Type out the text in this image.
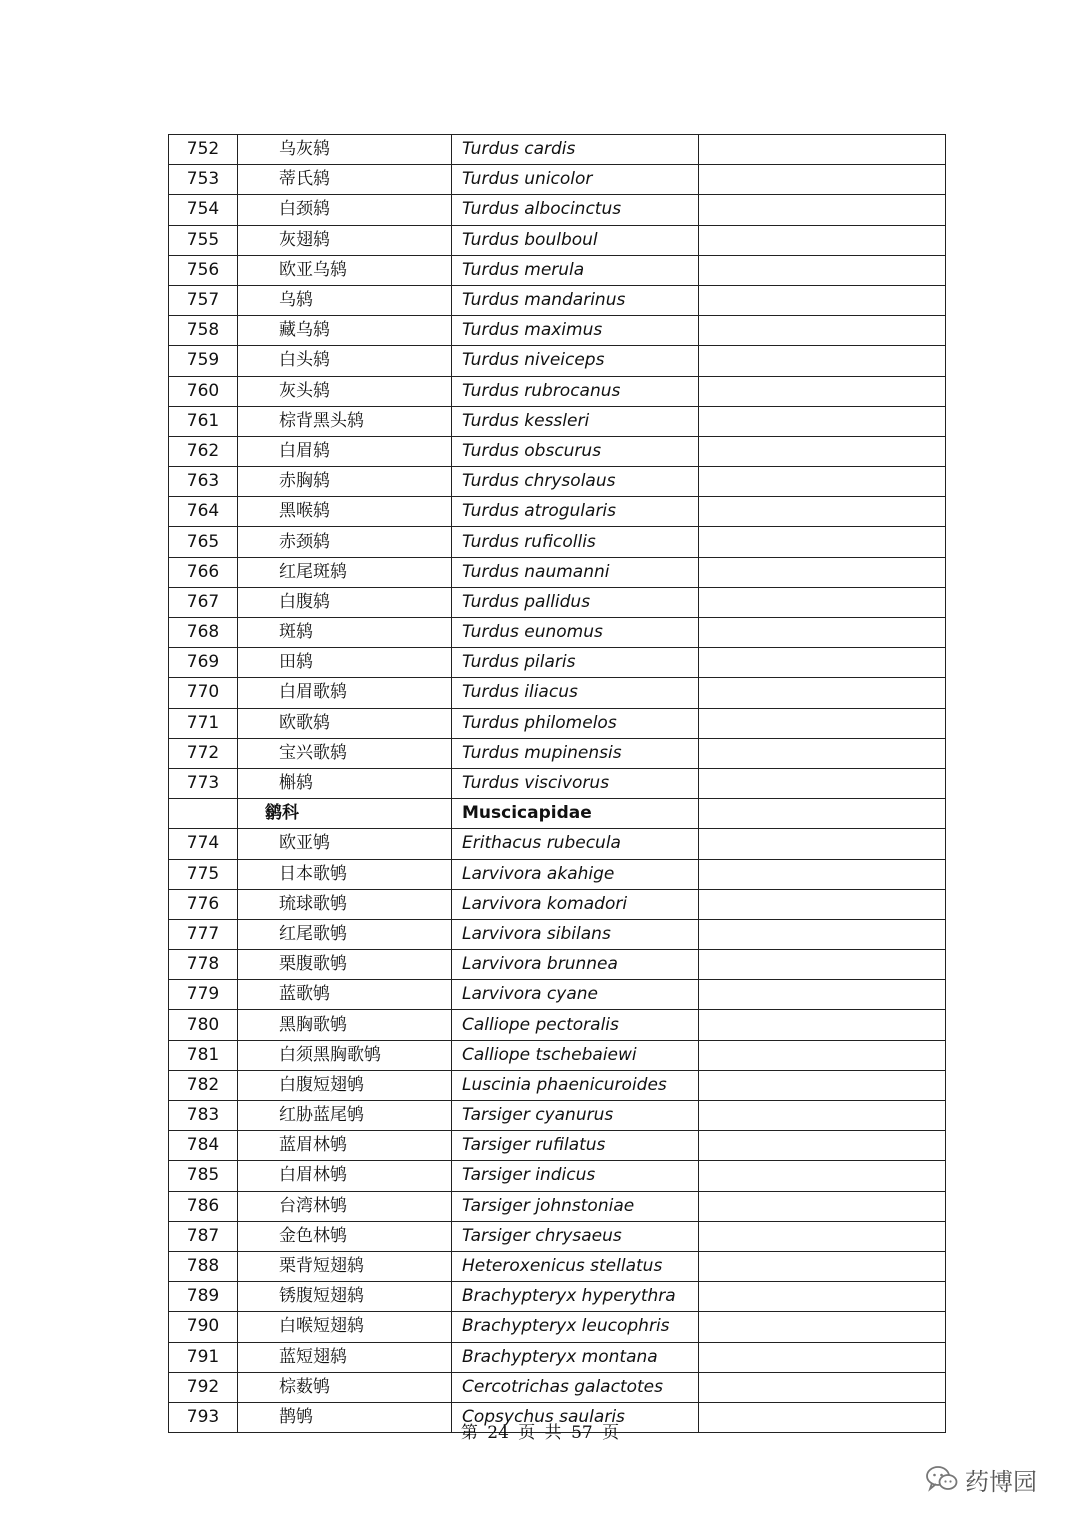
752	乌灰鸫	Turdus cardis	
753	蒂氏鸫	Turdus unicolor	
754	白颈鸫	Turdus albocinctus	
755	灰翅鸫	Turdus boulboul	
756	欧亚乌鸫	Turdus merula	
757	乌鸫	Turdus mandarinus	
758	藏乌鸫	Turdus maximus	
759	白头鸫	Turdus niveiceps	
760	灰头鸫	Turdus rubrocanus	
761	棕背黑头鸫	Turdus kessleri	
762	白眉鸫	Turdus obscurus	
763	赤胸鸫	Turdus chrysolaus	
764	黑喉鸫	Turdus atrogularis	
765	赤颈鸫	Turdus ruficollis	
766	红尾斑鸫	Turdus naumanni	
767	白腹鸫	Turdus pallidus	
768	斑鸫	Turdus eunomus	
769	田鸫	Turdus pilaris	
770	白眉歌鸫	Turdus iliacus	
771	欧歌鸫	Turdus philomelos	
772	宝兴歌鸫	Turdus mupinensis	
773	槲鸫	Turdus viscivorus	
	鹟科	Muscicapidae	
774	欧亚鸲	Erithacus rubecula	
775	日本歌鸲	Larvivora akahige	
776	琉球歌鸲	Larvivora komadori	
777	红尾歌鸲	Larvivora sibilans	
778	栗腹歌鸲	Larvivora brunnea	
779	蓝歌鸲	Larvivora cyane	
780	黑胸歌鸲	Calliope pectoralis	
781	白须黑胸歌鸲	Calliope tschebaiewi	
782	白腹短翅鸲	Luscinia phaenicuroides	
783	红胁蓝尾鸲	Tarsiger cyanurus	
784	蓝眉林鸲	Tarsiger rufilatus	
785	白眉林鸲	Tarsiger indicus	
786	台湾林鸲	Tarsiger johnstoniae	
787	金色林鸲	Tarsiger chrysaeus	
788	栗背短翅鸫	Heteroxenicus stellatus	
789	锈腹短翅鸫	Brachypteryx hyperythra	
790	白喉短翅鸫	Brachypteryx leucophris	
791	蓝短翅鸫	Brachypteryx montana	
792	棕薮鸲	Cercotrichas galactotes	
793	鹊鸲	Copsychus saularis	
第 24 页 共 57 页
药博园
